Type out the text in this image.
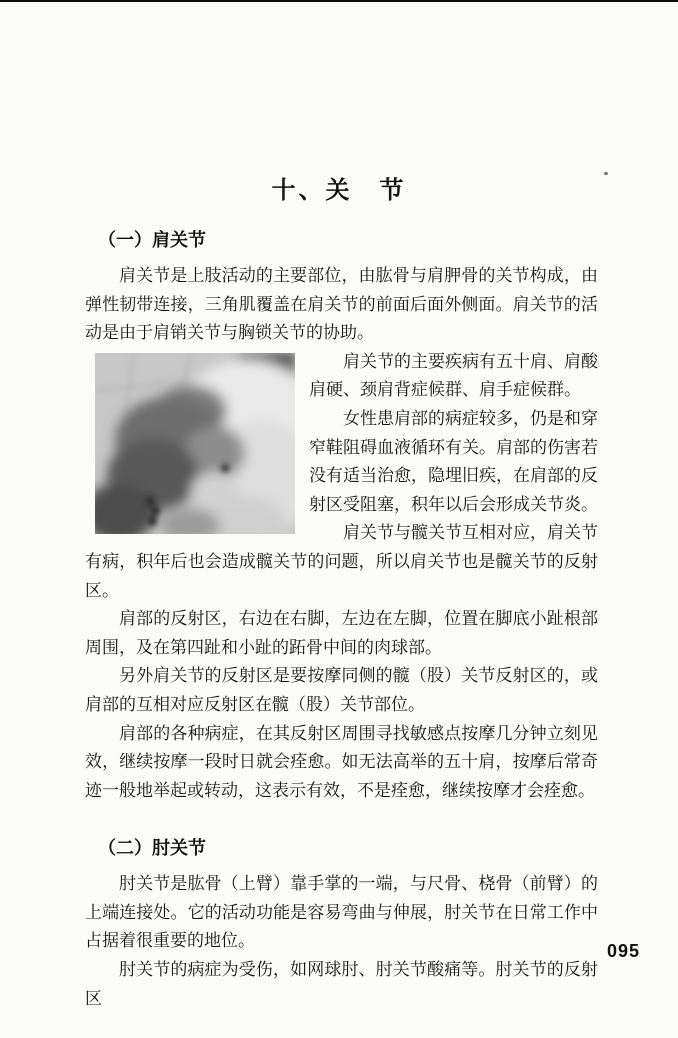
十、关　节
（一）肩关节

肩关节是上肢活动的主要部位，由肱骨与肩胛骨的关节构成，由弹性韧带连接，三角肌覆盖在肩关节的前面后面外侧面。肩关节的活动是由于肩销关节与胸锁关节的协助。

肩关节的主要疾病有五十肩、肩酸肩硬、颈肩背症候群、肩手症候群。

女性患肩部的病症较多，仍是和穿窄鞋阻碍血液循环有关。肩部的伤害若没有适当治愈，隐埋旧疾，在肩部的反射区受阻塞，积年以后会形成关节炎。

肩关节与髋关节互相对应，肩关节有病，积年后也会造成髋关节的问题，所以肩关节也是髋关节的反射区。

肩部的反射区，右边在右脚，左边在左脚，位置在脚底小趾根部周围，及在第四趾和小趾的跖骨中间的肉球部。

另外肩关节的反射区是要按摩同侧的髋（股）关节反射区的，或肩部的互相对应反射区在髋（股）关节部位。

肩部的各种病症，在其反射区周围寻找敏感点按摩几分钟立刻见效，继续按摩一段时日就会痊愈。如无法高举的五十肩，按摩后常奇迹一般地举起或转动，这表示有效，不是痊愈，继续按摩才会痊愈。

（二）肘关节

肘关节是肱骨（上臂）靠手掌的一端，与尺骨、桡骨（前臂）的上端连接处。它的活动功能是容易弯曲与伸展，肘关节在日常工作中占据着很重要的地位。

肘关节的病症为受伤，如网球肘、肘关节酸痛等。肘关节的反射区

095
